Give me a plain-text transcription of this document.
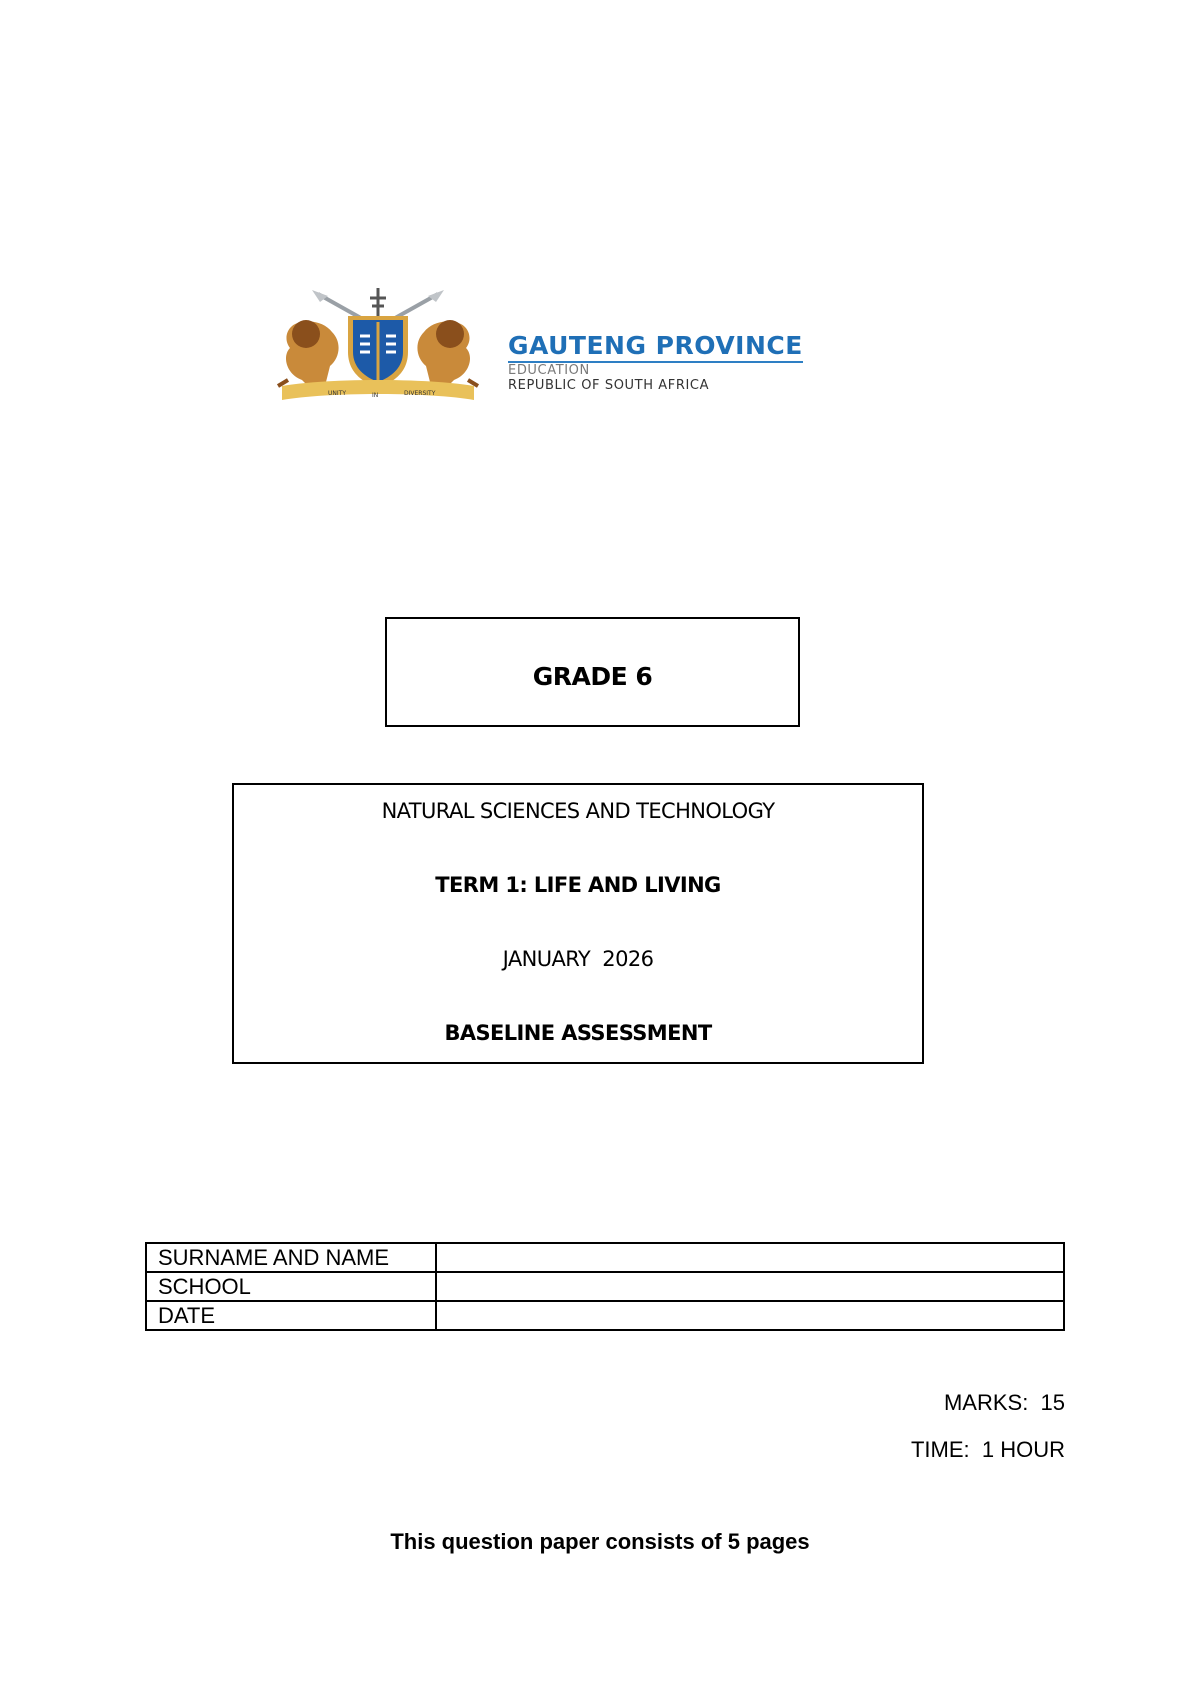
UNITY	IN	DIVERSITY
GAUTENG PROVINCE
EDUCATION
REPUBLIC OF SOUTH AFRICA
GRADE 6
NATURAL SCIENCES AND TECHNOLOGY
TERM 1: LIFE AND LIVING
JANUARY  2026
BASELINE ASSESSMENT
SURNAME AND NAME	
SCHOOL	
DATE	
MARKS:  15
TIME:  1 HOUR
This question paper consists of 5 pages
